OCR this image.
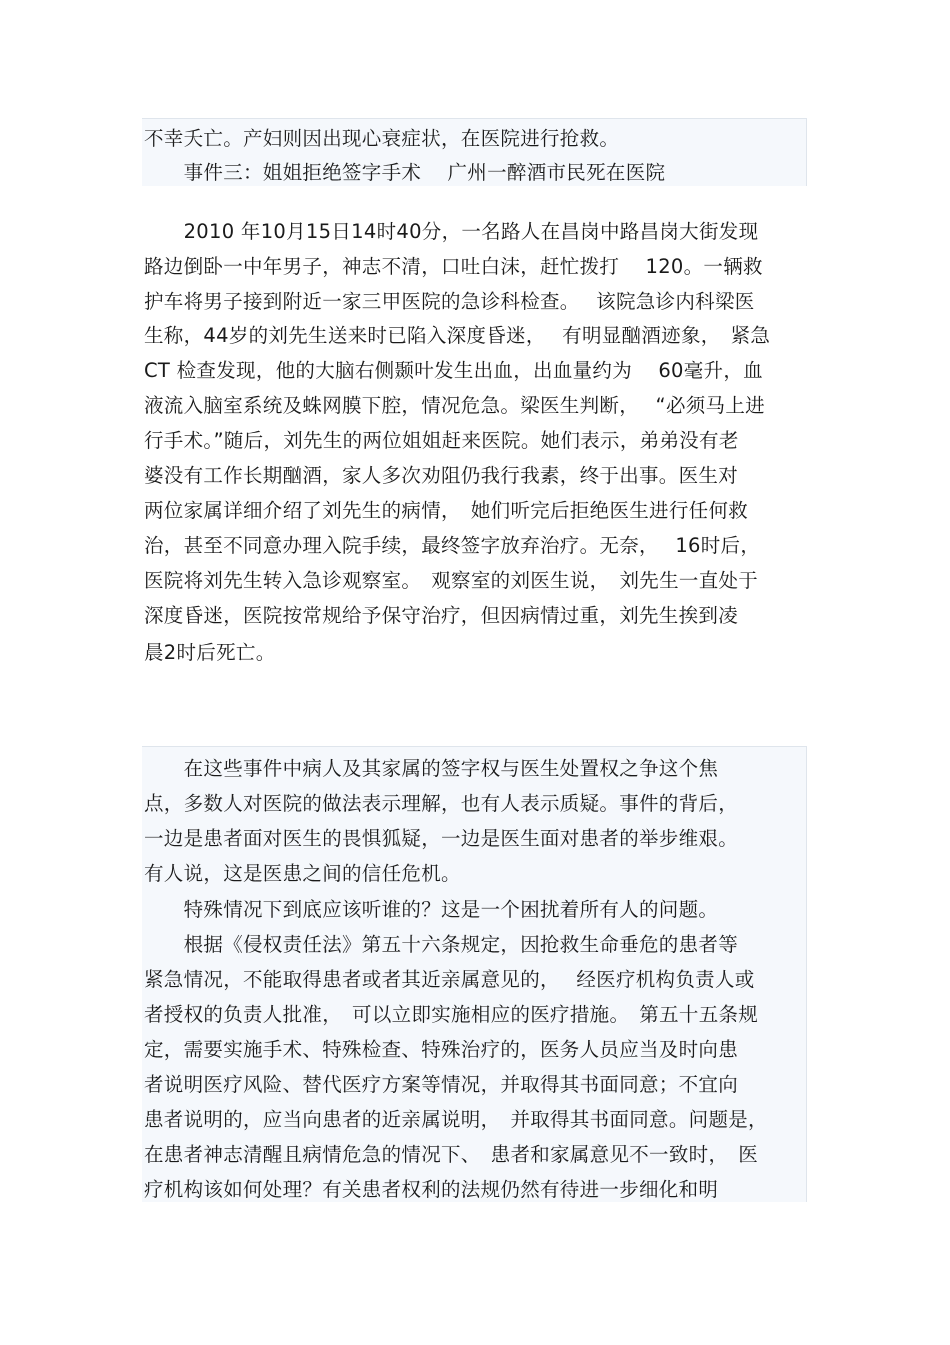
不幸夭亡。产妇则因出现心衰症状，在医院进行抢救。
　　事件三：姐姐拒绝签字手术　 广州一醉酒市民死在医院
　　2010 年10月15日14时40分，一名路人在昌岗中路昌岗大街发现
路边倒卧一中年男子，神志不清，口吐白沫，赶忙拨打　 120。一辆救
护车将男子接到附近一家三甲医院的急诊科检查。　 该院急诊内科梁医
生称，44岁的刘先生送来时已陷入深度昏迷，　 有明显酗酒迹象，　紧急
CT 检查发现，他的大脑右侧颞叶发生出血，出血量约为　 60毫升，血
液流入脑室系统及蛛网膜下腔，情况危急。梁医生判断，　 “必须马上进
行手术。”随后，刘先生的两位姐姐赶来医院。她们表示，弟弟没有老
婆没有工作长期酗酒，家人多次劝阻仍我行我素，终于出事。医生对
两位家属详细介绍了刘先生的病情，　她们听完后拒绝医生进行任何救
治，甚至不同意办理入院手续，最终签字放弃治疗。无奈，　 16时后，
医院将刘先生转入急诊观察室。　观察室的刘医生说，　刘先生一直处于
深度昏迷，医院按常规给予保守治疗，但因病情过重，刘先生挨到凌
晨2时后死亡。
　　在这些事件中病人及其家属的签字权与医生处置权之争这个焦
点，多数人对医院的做法表示理解，也有人表示质疑。事件的背后，
一边是患者面对医生的畏惧狐疑，一边是医生面对患者的举步维艰。
有人说，这是医患之间的信任危机。
　　特殊情况下到底应该听谁的？这是一个困扰着所有人的问题。
　　根据《侵权责任法》第五十六条规定，因抢救生命垂危的患者等
紧急情况，不能取得患者或者其近亲属意见的，　 经医疗机构负责人或
者授权的负责人批准，　可以立即实施相应的医疗措施。　第五十五条规
定，需要实施手术、特殊检查、特殊治疗的，医务人员应当及时向患
者说明医疗风险、替代医疗方案等情况，并取得其书面同意；不宜向
患者说明的，应当向患者的近亲属说明，　并取得其书面同意。问题是，
在患者神志清醒且病情危急的情况下、　患者和家属意见不一致时，　医
疗机构该如何处理？有关患者权利的法规仍然有待进一步细化和明
